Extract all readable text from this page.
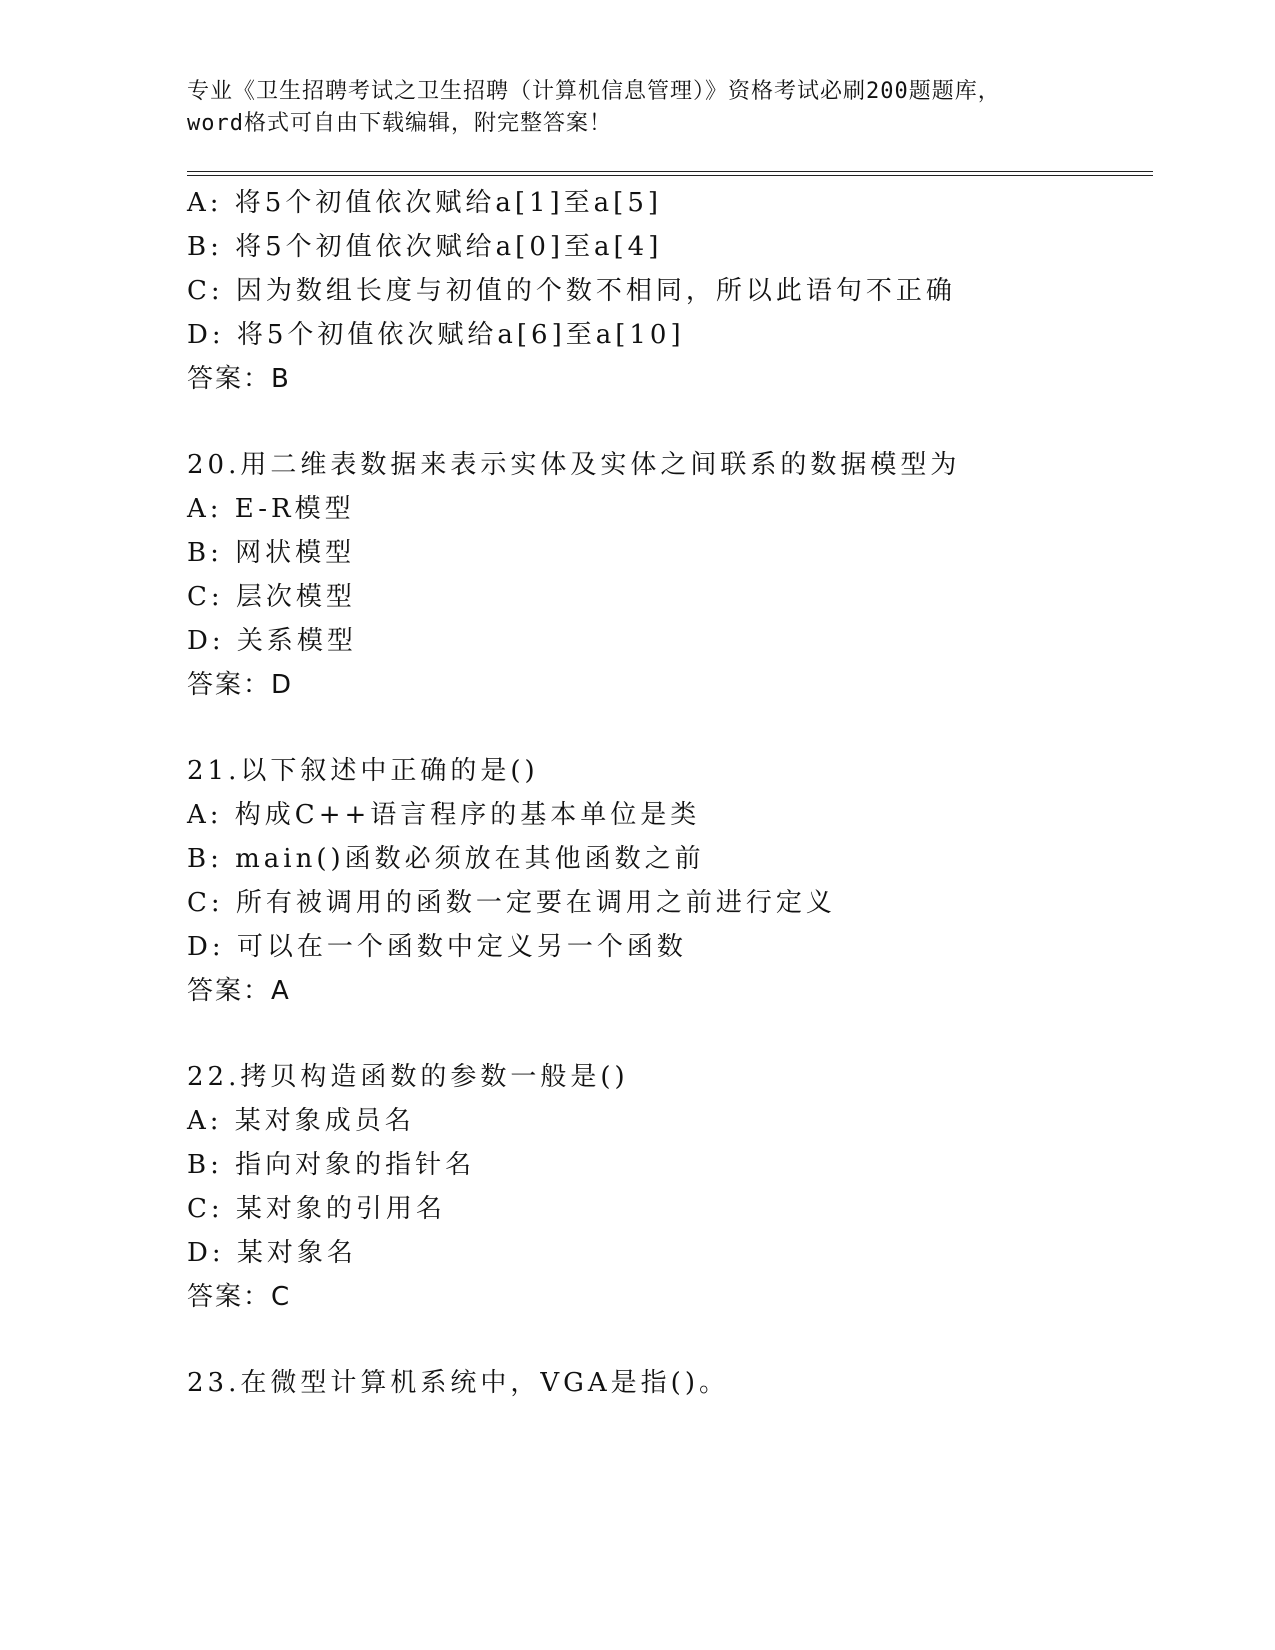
专业《卫生招聘考试之卫生招聘（计算机信息管理）》资格考试必刷200题题库，
word格式可自由下载编辑，附完整答案！
A: 将5个初值依次赋给a[1]至a[5]
B: 将5个初值依次赋给a[0]至a[4]
C: 因为数组长度与初值的个数不相同，所以此语句不正确
D: 将5个初值依次赋给a[6]至a[10]
答案：B
20.用二维表数据来表示实体及实体之间联系的数据模型为
A: E-R模型
B: 网状模型
C: 层次模型
D: 关系模型
答案：D
21.以下叙述中正确的是()
A: 构成C++语言程序的基本单位是类
B: main()函数必须放在其他函数之前
C: 所有被调用的函数一定要在调用之前进行定义
D: 可以在一个函数中定义另一个函数
答案：A
22.拷贝构造函数的参数一般是()
A: 某对象成员名
B: 指向对象的指针名
C: 某对象的引用名
D: 某对象名
答案：C
23.在微型计算机系统中，VGA是指()。
